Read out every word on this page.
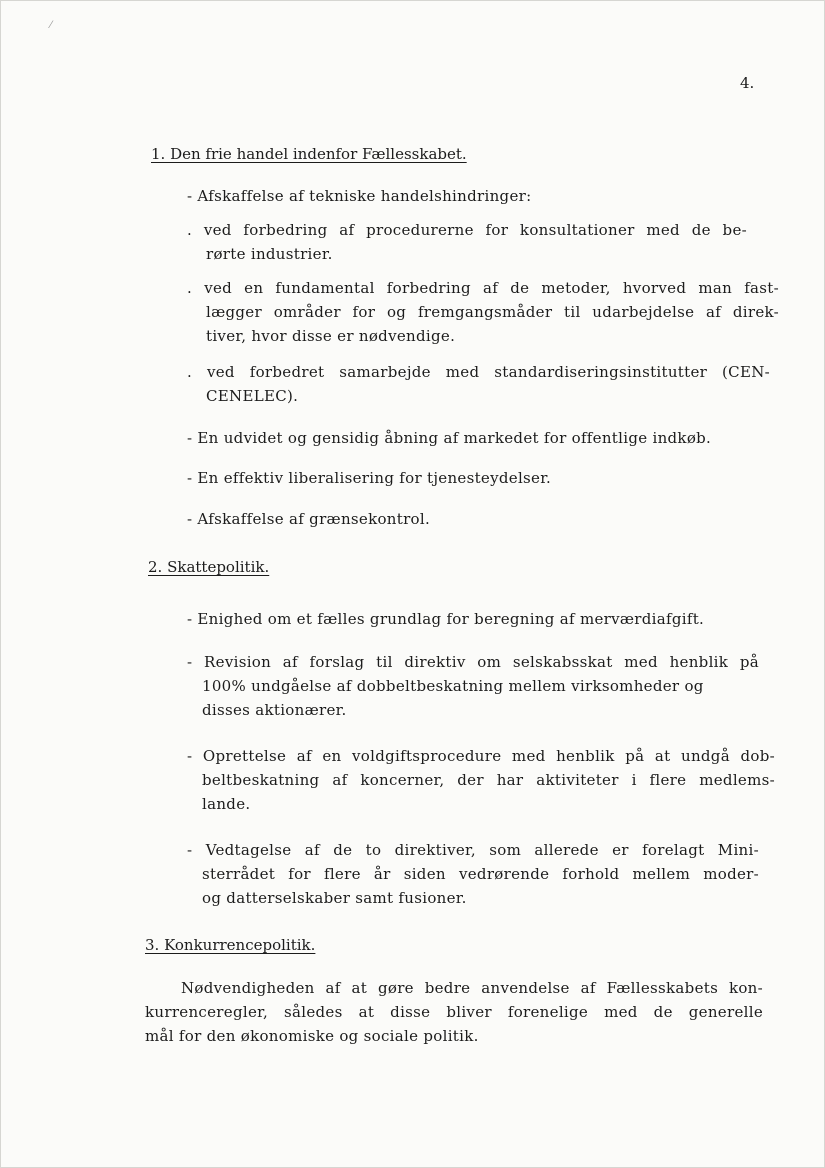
⁄
4.
1. Den frie handel indenfor Fællesskabet.
- Afskaffelse af tekniske handelshindringer:
. ved forbedring af procedurerne for konsultationer med de be-
rørte industrier.
. ved en fundamental forbedring af de metoder, hvorved man fast-
lægger områder for og fremgangsmåder til udarbejdelse af direk-
tiver, hvor disse er nødvendige.
. ved forbedret samarbejde med standardiseringsinstitutter (CEN-
CENELEC).
- En udvidet og gensidig åbning af markedet for offentlige indkøb.
- En effektiv liberalisering for tjenesteydelser.
- Afskaffelse af grænsekontrol.
2. Skattepolitik.
- Enighed om et fælles grundlag for beregning af merværdiafgift.
- Revision af forslag til direktiv om selskabsskat med henblik på
100% undgåelse af dobbeltbeskatning mellem virksomheder og
disses aktionærer.
- Oprettelse af en voldgiftsprocedure med henblik på at undgå dob-
beltbeskatning af koncerner, der har aktiviteter i flere medlems-
lande.
- Vedtagelse af de to direktiver, som allerede er forelagt Mini-
sterrådet for flere år siden vedrørende forhold mellem moder-
og datterselskaber samt fusioner.
3. Konkurrencepolitik.
Nødvendigheden af at gøre bedre anvendelse af Fællesskabets kon-
kurrenceregler, således at disse bliver forenelige med de generelle
mål for den økonomiske og sociale politik.
